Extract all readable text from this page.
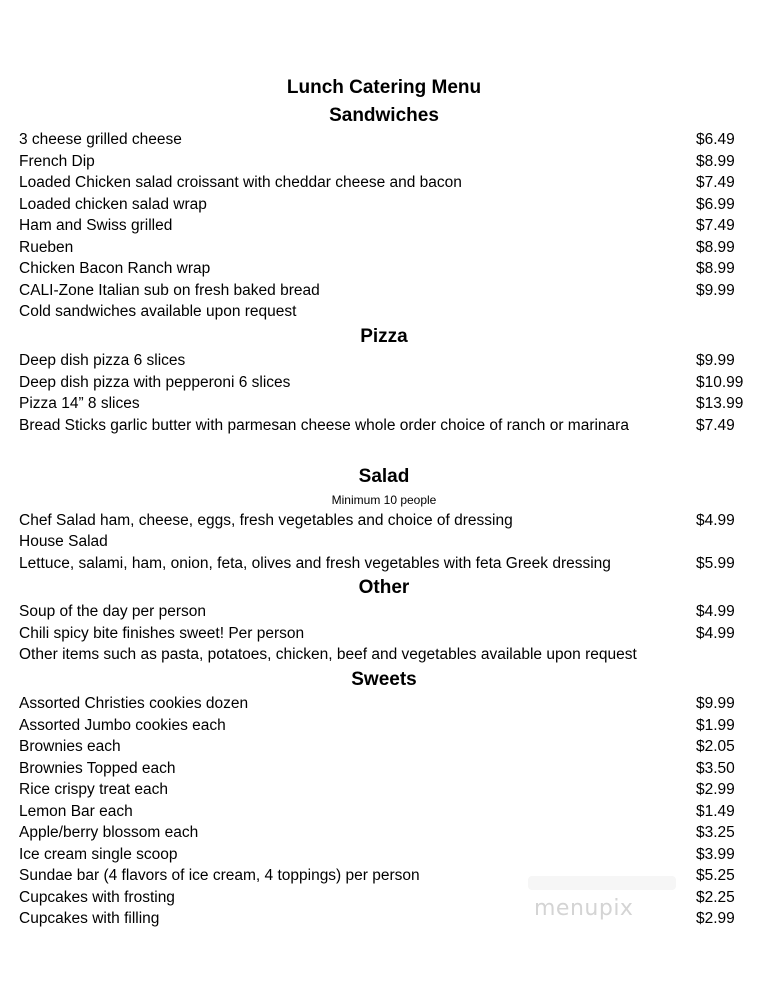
Lunch Catering Menu
Sandwiches
3 cheese grilled cheese	$6.49
French Dip	$8.99
Loaded Chicken salad croissant with cheddar cheese and bacon	$7.49
Loaded chicken salad wrap	$6.99
Ham and Swiss grilled	$7.49
Rueben	$8.99
Chicken Bacon Ranch wrap	$8.99
CALI-Zone Italian sub on fresh baked bread	$9.99
Cold sandwiches available upon request
Pizza
Deep dish pizza 6 slices	$9.99
Deep dish pizza with pepperoni 6 slices	$10.99
Pizza 14” 8 slices	$13.99
Bread Sticks garlic butter with parmesan cheese whole order choice of ranch or marinara	$7.49
Salad
Minimum 10 people
Chef Salad ham, cheese, eggs, fresh vegetables and choice of dressing	$4.99
House Salad
Lettuce, salami, ham, onion, feta, olives and fresh vegetables with feta Greek dressing	$5.99
Other
Soup of the day per person	$4.99
Chili spicy bite finishes sweet! Per person	$4.99
Other items such as pasta, potatoes, chicken, beef and vegetables available upon request
Sweets
Assorted Christies cookies dozen	$9.99
Assorted Jumbo cookies each	$1.99
Brownies each	$2.05
Brownies Topped each	$3.50
Rice crispy treat each	$2.99
Lemon Bar each	$1.49
Apple/berry blossom each	$3.25
Ice cream single scoop	$3.99
Sundae bar (4 flavors of ice cream, 4 toppings) per person	$5.25
Cupcakes with frosting	$2.25
Cupcakes with filling	$2.99
menupix
